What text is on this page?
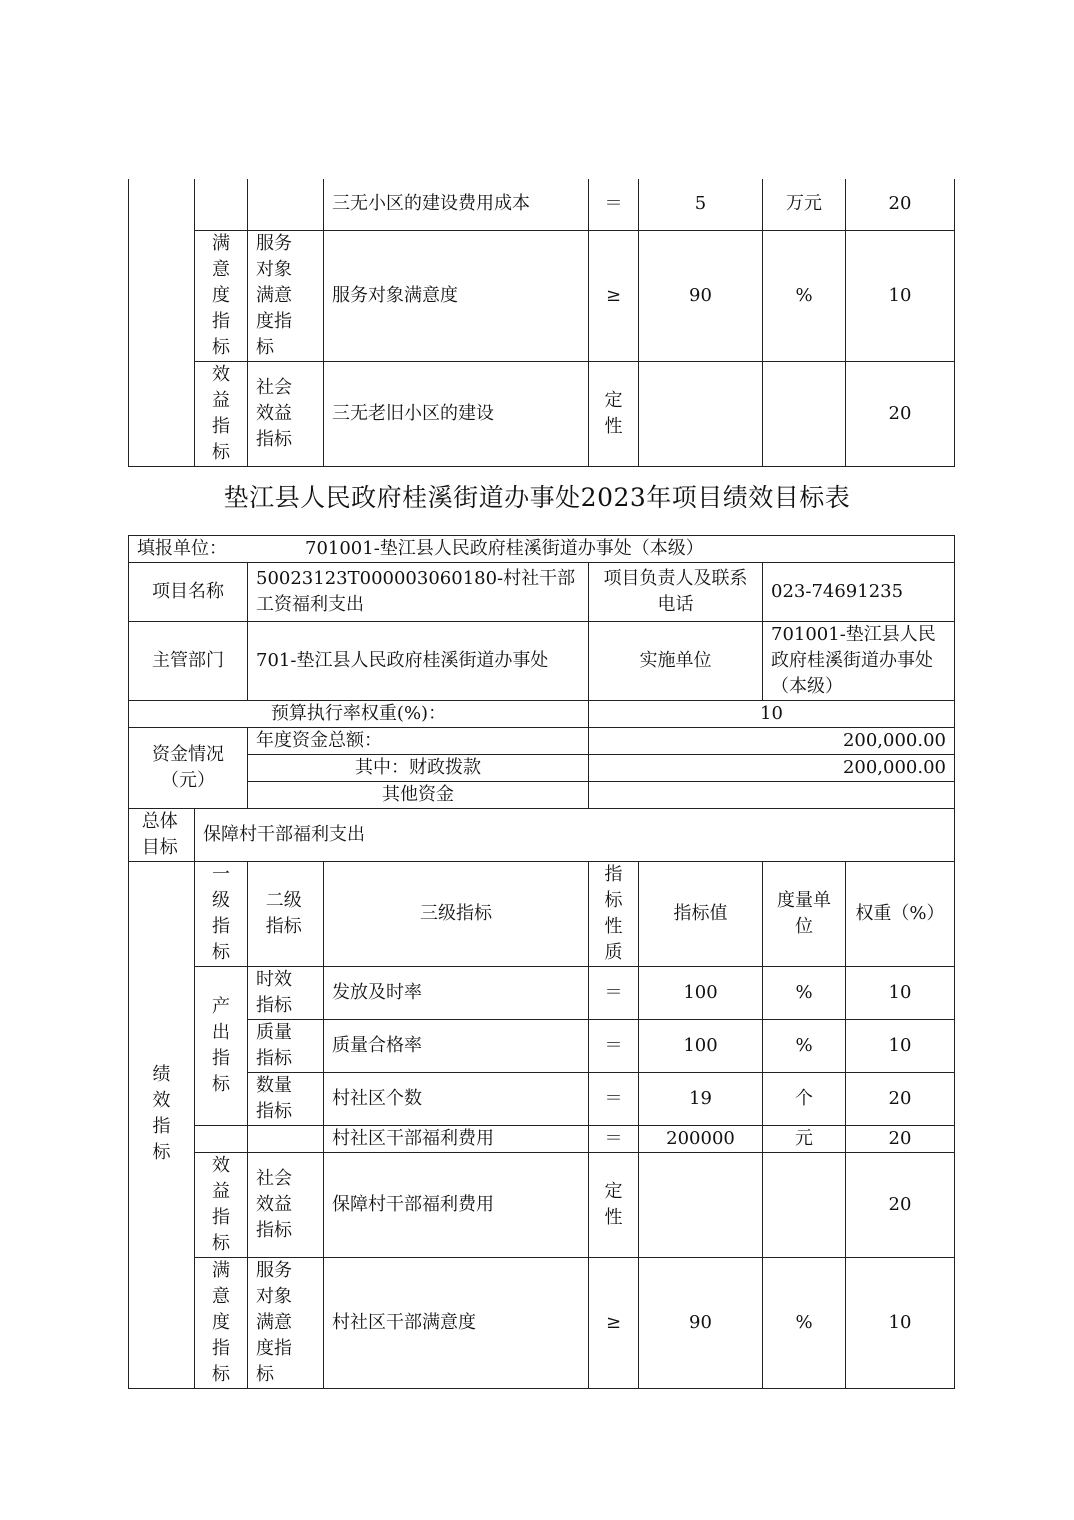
			三无小区的建设费用成本	＝	5	万元	20
	满意度指标	服务对象满意度指标	服务对象满意度	≥	90	%	10
	效益指标	社会效益指标	三无老旧小区的建设	定性			20
垫江县人民政府桂溪街道办事处2023年项目绩效目标表
填报单位： 701001-垫江县人民政府桂溪街道办事处（本级）							
项目名称		50023123T000003060180-村社干部工资福利支出		项目负责人及联系电话		023-74691235	
主管部门		701-垫江县人民政府桂溪街道办事处		实施单位		701001-垫江县人民政府桂溪街道办事处（本级）	
预算执行率权重(%)：				10			
资金情况（元）		年度资金总额：		200,000.00			
		其中：财政拨款		200,000.00			
		其他资金					
总体目标	保障村干部福利支出						
绩效指标	一级指标	二级指标	三级指标	指标性质	指标值	度量单位	权重（%）
	产出指标	时效指标	发放及时率	＝	100	%	10
		质量指标	质量合格率	＝	100	%	10
		数量指标	村社区个数	＝	19	个	20
			村社区干部福利费用	＝	200000	元	20
	效益指标	社会效益指标	保障村干部福利费用	定性			20
	满意度指标	服务对象满意度指标	村社区干部满意度	≥	90	%	10
